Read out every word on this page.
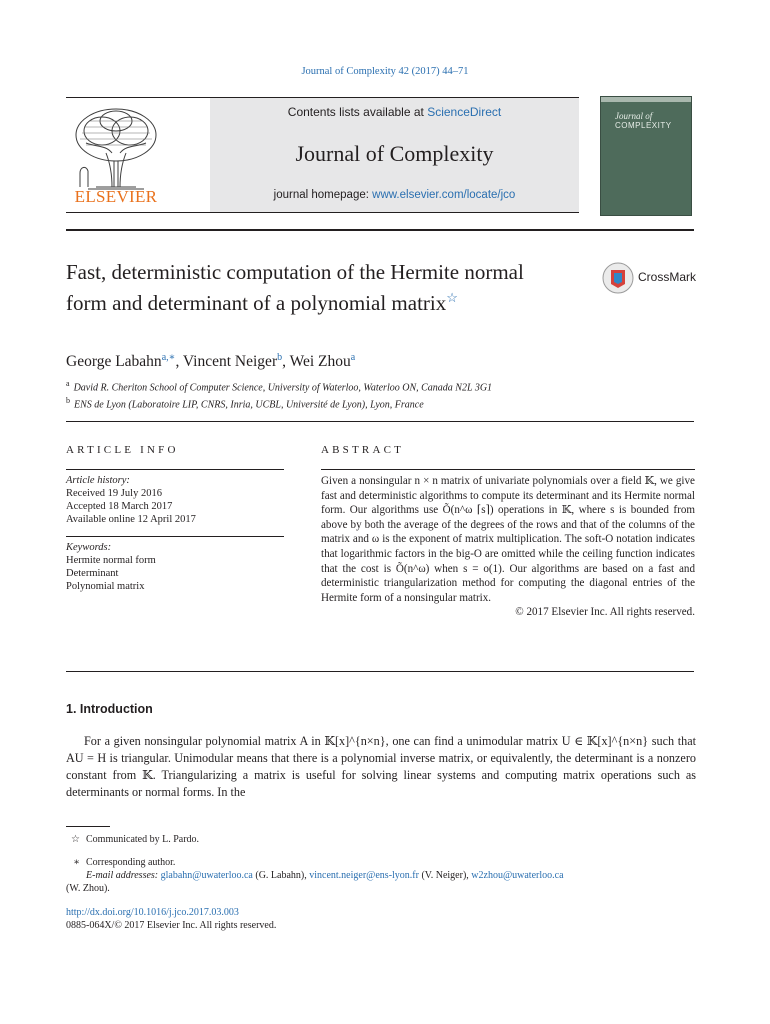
Journal of Complexity 42 (2017) 44–71
Contents lists available at ScienceDirect
Journal of Complexity
journal homepage: www.elsevier.com/locate/jco
ELSEVIER
Journal of
COMPLEXITY
Fast, deterministic computation of the Hermite normal form and determinant of a polynomial matrix☆
CrossMark
George Labahn$^{a,∗}$, Vincent Neiger$^b$, Wei Zhou$^a$
$^a$ David R. Cheriton School of Computer Science, University of Waterloo, Waterloo ON, Canada N2L 3G1
$^b$ ENS de Lyon (Laboratoire LIP, CNRS, Inria, UCBL, Université de Lyon), Lyon, France
ARTICLE INFO
Article history:
Received 19 July 2016
Accepted 18 March 2017
Available online 12 April 2017
Keywords:
Hermite normal form
Determinant
Polynomial matrix
ABSTRACT

Given a nonsingular n × n matrix of univariate polynomials over a field 𝕂, we give fast and deterministic algorithms to compute its determinant and its Hermite normal form. Our algorithms use Õ(n^ω ⌈s⌉) operations in 𝕂, where s is bounded from above by both the average of the degrees of the rows and that of the columns of the matrix and ω is the exponent of matrix multiplication. The soft-O notation indicates that logarithmic factors in the big-O are omitted while the ceiling function indicates that the cost is Õ(n^ω) when s = o(1). Our algorithms are based on a fast and deterministic triangularization method for computing the diagonal entries of the Hermite form of a nonsingular matrix.

© 2017 Elsevier Inc. All rights reserved.

1. Introduction

For a given nonsingular polynomial matrix A in 𝕂[x]^{n×n}, one can find a unimodular matrix U ∈ 𝕂[x]^{n×n} such that AU = H is triangular. Unimodular means that there is a polynomial inverse matrix, or equivalently, the determinant is a nonzero constant from 𝕂. Triangularizing a matrix is useful for solving linear systems and computing matrix operations such as determinants or normal forms. In the

☆ Communicated by L. Pardo.
∗ Corresponding author.
E-mail addresses: glabahn@uwaterloo.ca (G. Labahn), vincent.neiger@ens-lyon.fr (V. Neiger), w2zhou@uwaterloo.ca
(W. Zhou).
http://dx.doi.org/10.1016/j.jco.2017.03.003
0885-064X/© 2017 Elsevier Inc. All rights reserved.
